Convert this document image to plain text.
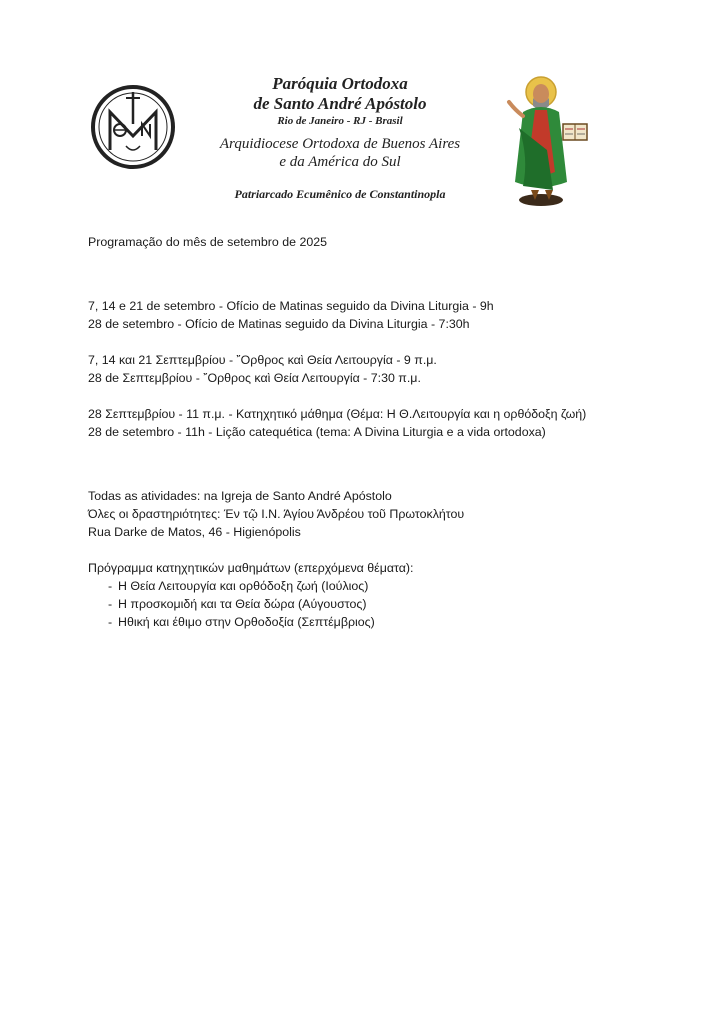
Paróquia Ortodoxa
de Santo André Apóstolo
Rio de Janeiro - RJ - Brasil
Arquidiocese Ortodoxa de Buenos Aires
e da América do Sul
Patriarcado Ecumênico de Constantinopla
Programação do mês de setembro de 2025
7, 14 e 21 de setembro - Ofício de Matinas seguido da Divina Liturgia - 9h
28 de setembro - Ofício de Matinas seguido da Divina Liturgia - 7:30h
7, 14 και 21 Σεπτεμβρίου - ῎Ορθρος καὶ Θεία Λειτουργία - 9 π.μ.
28 de Σεπτεμβρίου - ῎Ορθρος καὶ Θεία Λειτουργία - 7:30 π.μ.
28 Σεπτεμβρίου - 11 π.μ. - Κατηχητικό μάθημα (Θέμα: Η Θ.Λειτουργία και η ορθόδοξη ζωή)
28 de setembro - 11h - Lição catequética (tema: A Divina Liturgia e a vida ortodoxa)
Todas as atividades: na Igreja de Santo André Apóstolo
Όλες οι δραστηριότητες: Έν τῷ Ι.Ν. Άγίου Άνδρέου τοῦ Πρωτοκλήτου
Rua Darke de Matos, 46 - Higienópolis
Πρόγραμμα κατηχητικών μαθημάτων (επερχόμενα θέματα):
- Η Θεία Λειτουργία και ορθόδοξη ζωή (Ιούλιος)
- Η προσκομιδή και τα Θεία δώρα (Αύγουστος)
- Ηθική και έθιμο στην Ορθοδοξία (Σεπτέμβριος)
